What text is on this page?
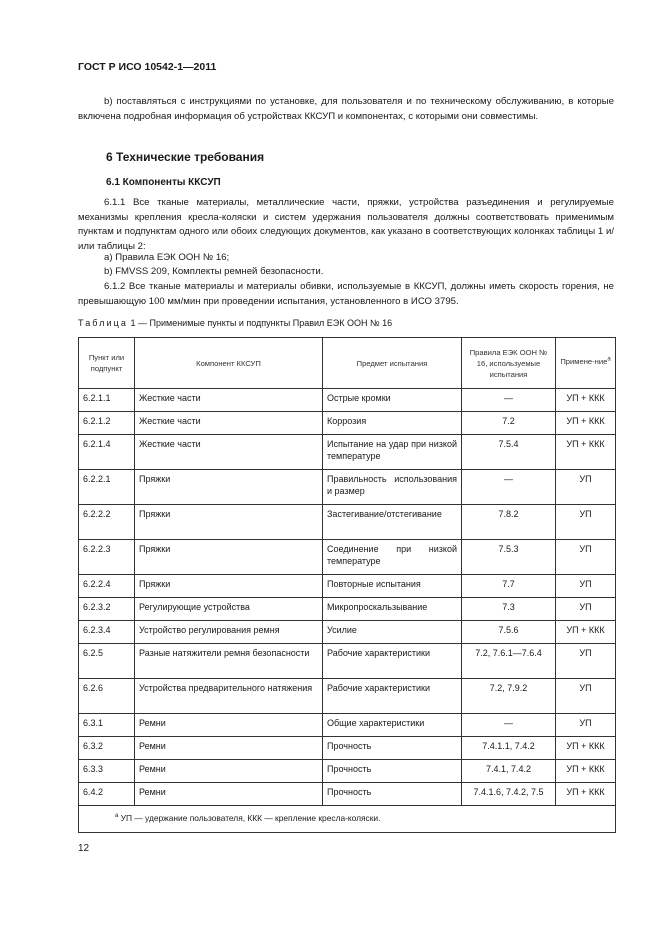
ГОСТ Р ИСО 10542-1—2011

b) поставляться с инструкциями по установке, для пользователя и по техническому обслуживанию, в которые включена подробная информация об устройствах ККСУП и компонентах, с которыми они совместимы.

6 Технические требования
6.1 Компоненты ККСУП

6.1.1 Все тканые материалы, металлические части, пряжки, устройства разъединения и регулируемые механизмы крепления кресла-коляски и систем удержания пользователя должны соответствовать применимым пунктам и подпунктам одного или обоих следующих документов, как указано в соответствующих колонках таблицы 1 и/или таблицы 2:

а) Правила ЕЭК ООН № 16;

b) FMVSS 209, Комплекты ремней безопасности.

6.1.2 Все тканые материалы и материалы обивки, используемые в ККСУП, должны иметь скорость горения, не превышающую 100 мм/мин при проведении испытания, установленного в ИСО 3795.

Таблица 1 — Применимые пункты и подпункты Правил ЕЭК ООН № 16
Пункт или подпункт	Компонент ККСУП	Предмет испытания	Правила ЕЭК ООН № 16, используемые испытания	Примене-ние$^a$
6.2.1.1	Жесткие части	Острые кромки	—	УП + ККК
6.2.1.2	Жесткие части	Коррозия	7.2	УП + ККК
6.2.1.4	Жесткие части	Испытание на удар при низкой температуре	7.5.4	УП + ККК
6.2.2.1	Пряжки	Правильность использования и размер	—	УП
6.2.2.2	Пряжки	Застегивание/отстегивание	7.8.2	УП
6.2.2.3	Пряжки	Соединение при низкой температуре	7.5.3	УП
6.2.2.4	Пряжки	Повторные испытания	7.7	УП
6.2.3.2	Регулирующие устройства	Микропроскальзывание	7.3	УП
6.2.3.4	Устройство регулирования ремня	Усилие	7.5.6	УП + ККК
6.2.5	Разные натяжители ремня безопасности	Рабочие характеристики	7.2, 7.6.1—7.6.4	УП
6.2.6	Устройства предварительного натяжения	Рабочие характеристики	7.2, 7.9.2	УП
6.3.1	Ремни	Общие характеристики	—	УП
6.3.2	Ремни	Прочность	7.4.1.1, 7.4.2	УП + ККК
6.3.3	Ремни	Прочность	7.4.1, 7.4.2	УП + ККК
6.4.2	Ремни	Прочность	7.4.1.6, 7.4.2, 7.5	УП + ККК
$^a$ УП — удержание пользователя, ККК — крепление кресла-коляски.				
12
